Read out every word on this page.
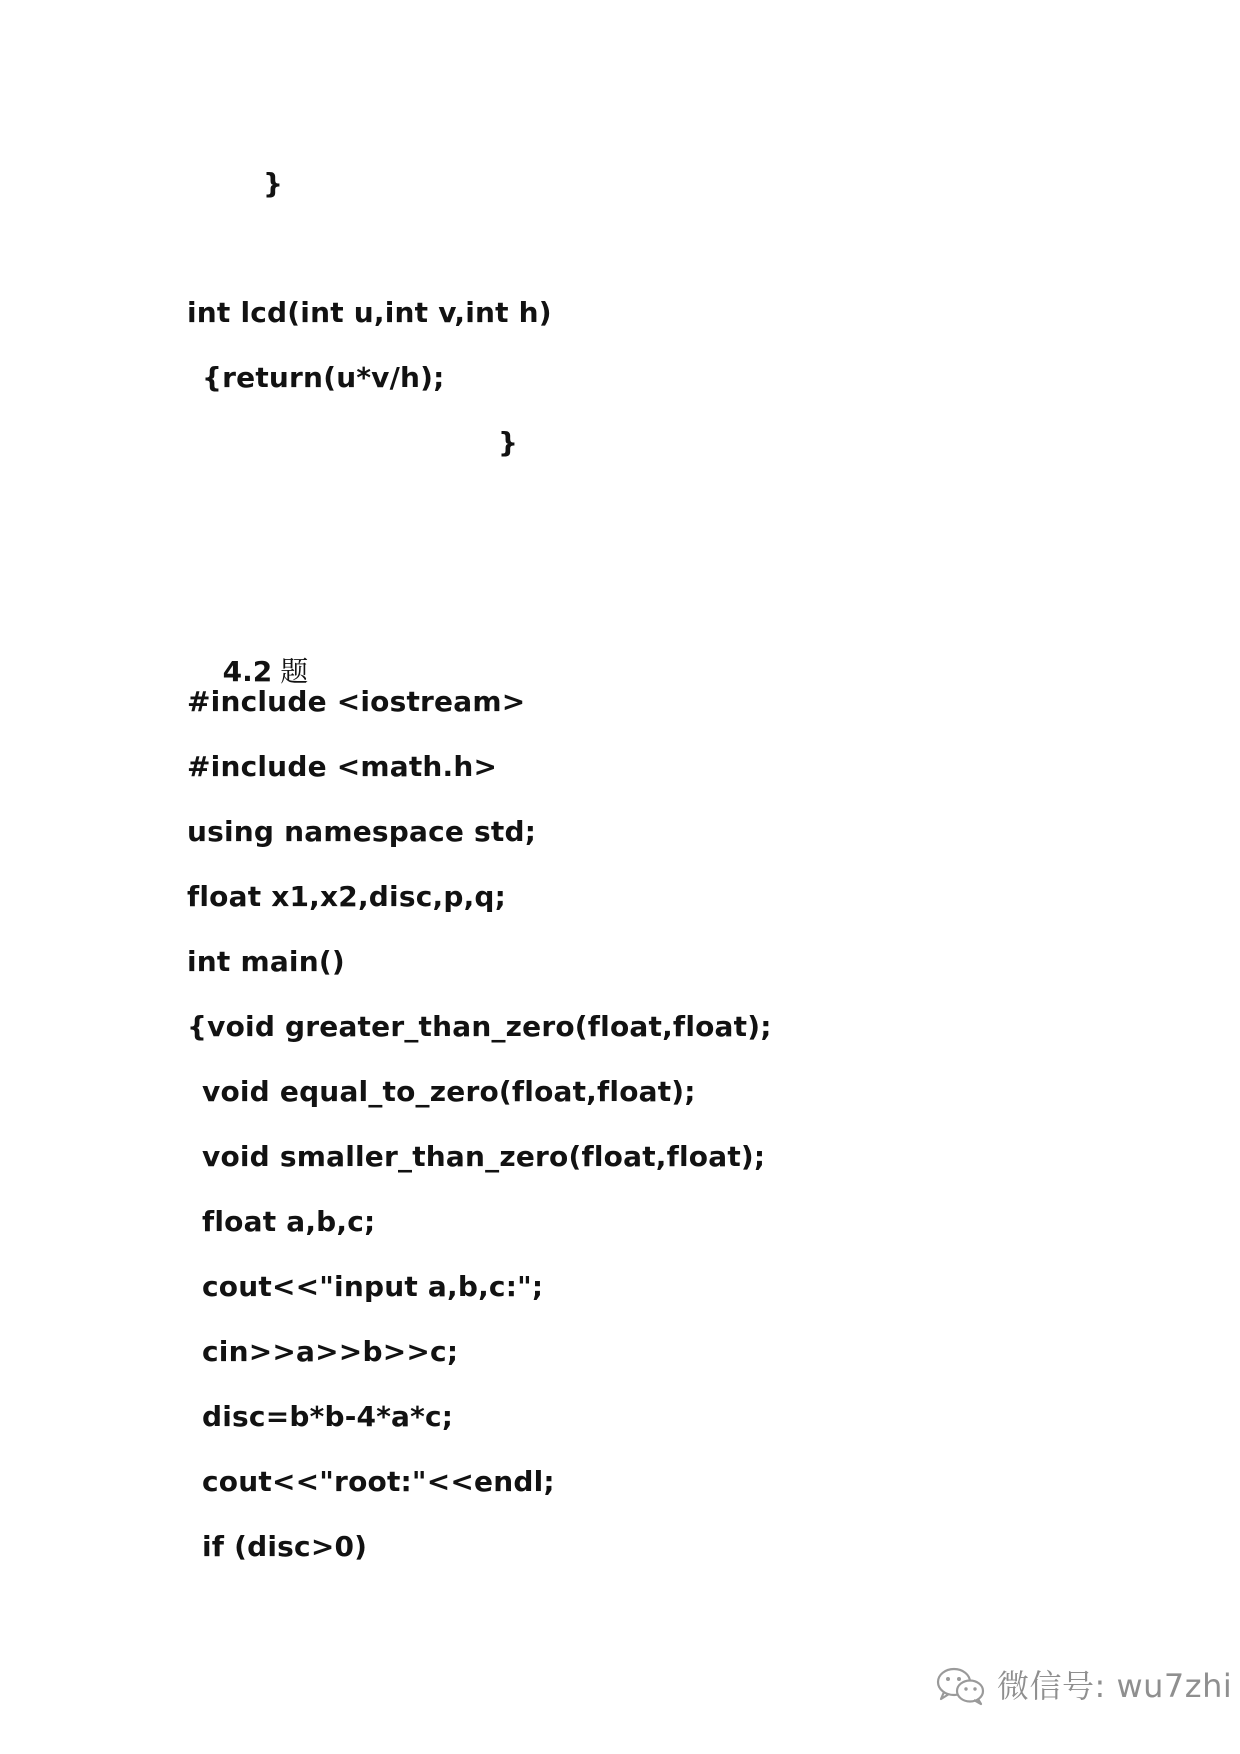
}
int lcd(int u,int v,int h)
{return(u*v/h);
}

4.2 题

#include <iostream>
#include <math.h>
using namespace std;
float x1,x2,disc,p,q;
int main()
{void greater_than_zero(float,float);
void equal_to_zero(float,float);
void smaller_than_zero(float,float);
float a,b,c;
cout<<"input a,b,c:";
cin>>a>>b>>c;
disc=b*b-4*a*c;
cout<<"root:"<<endl;
if (disc>0)
微信号: wu7zhi
